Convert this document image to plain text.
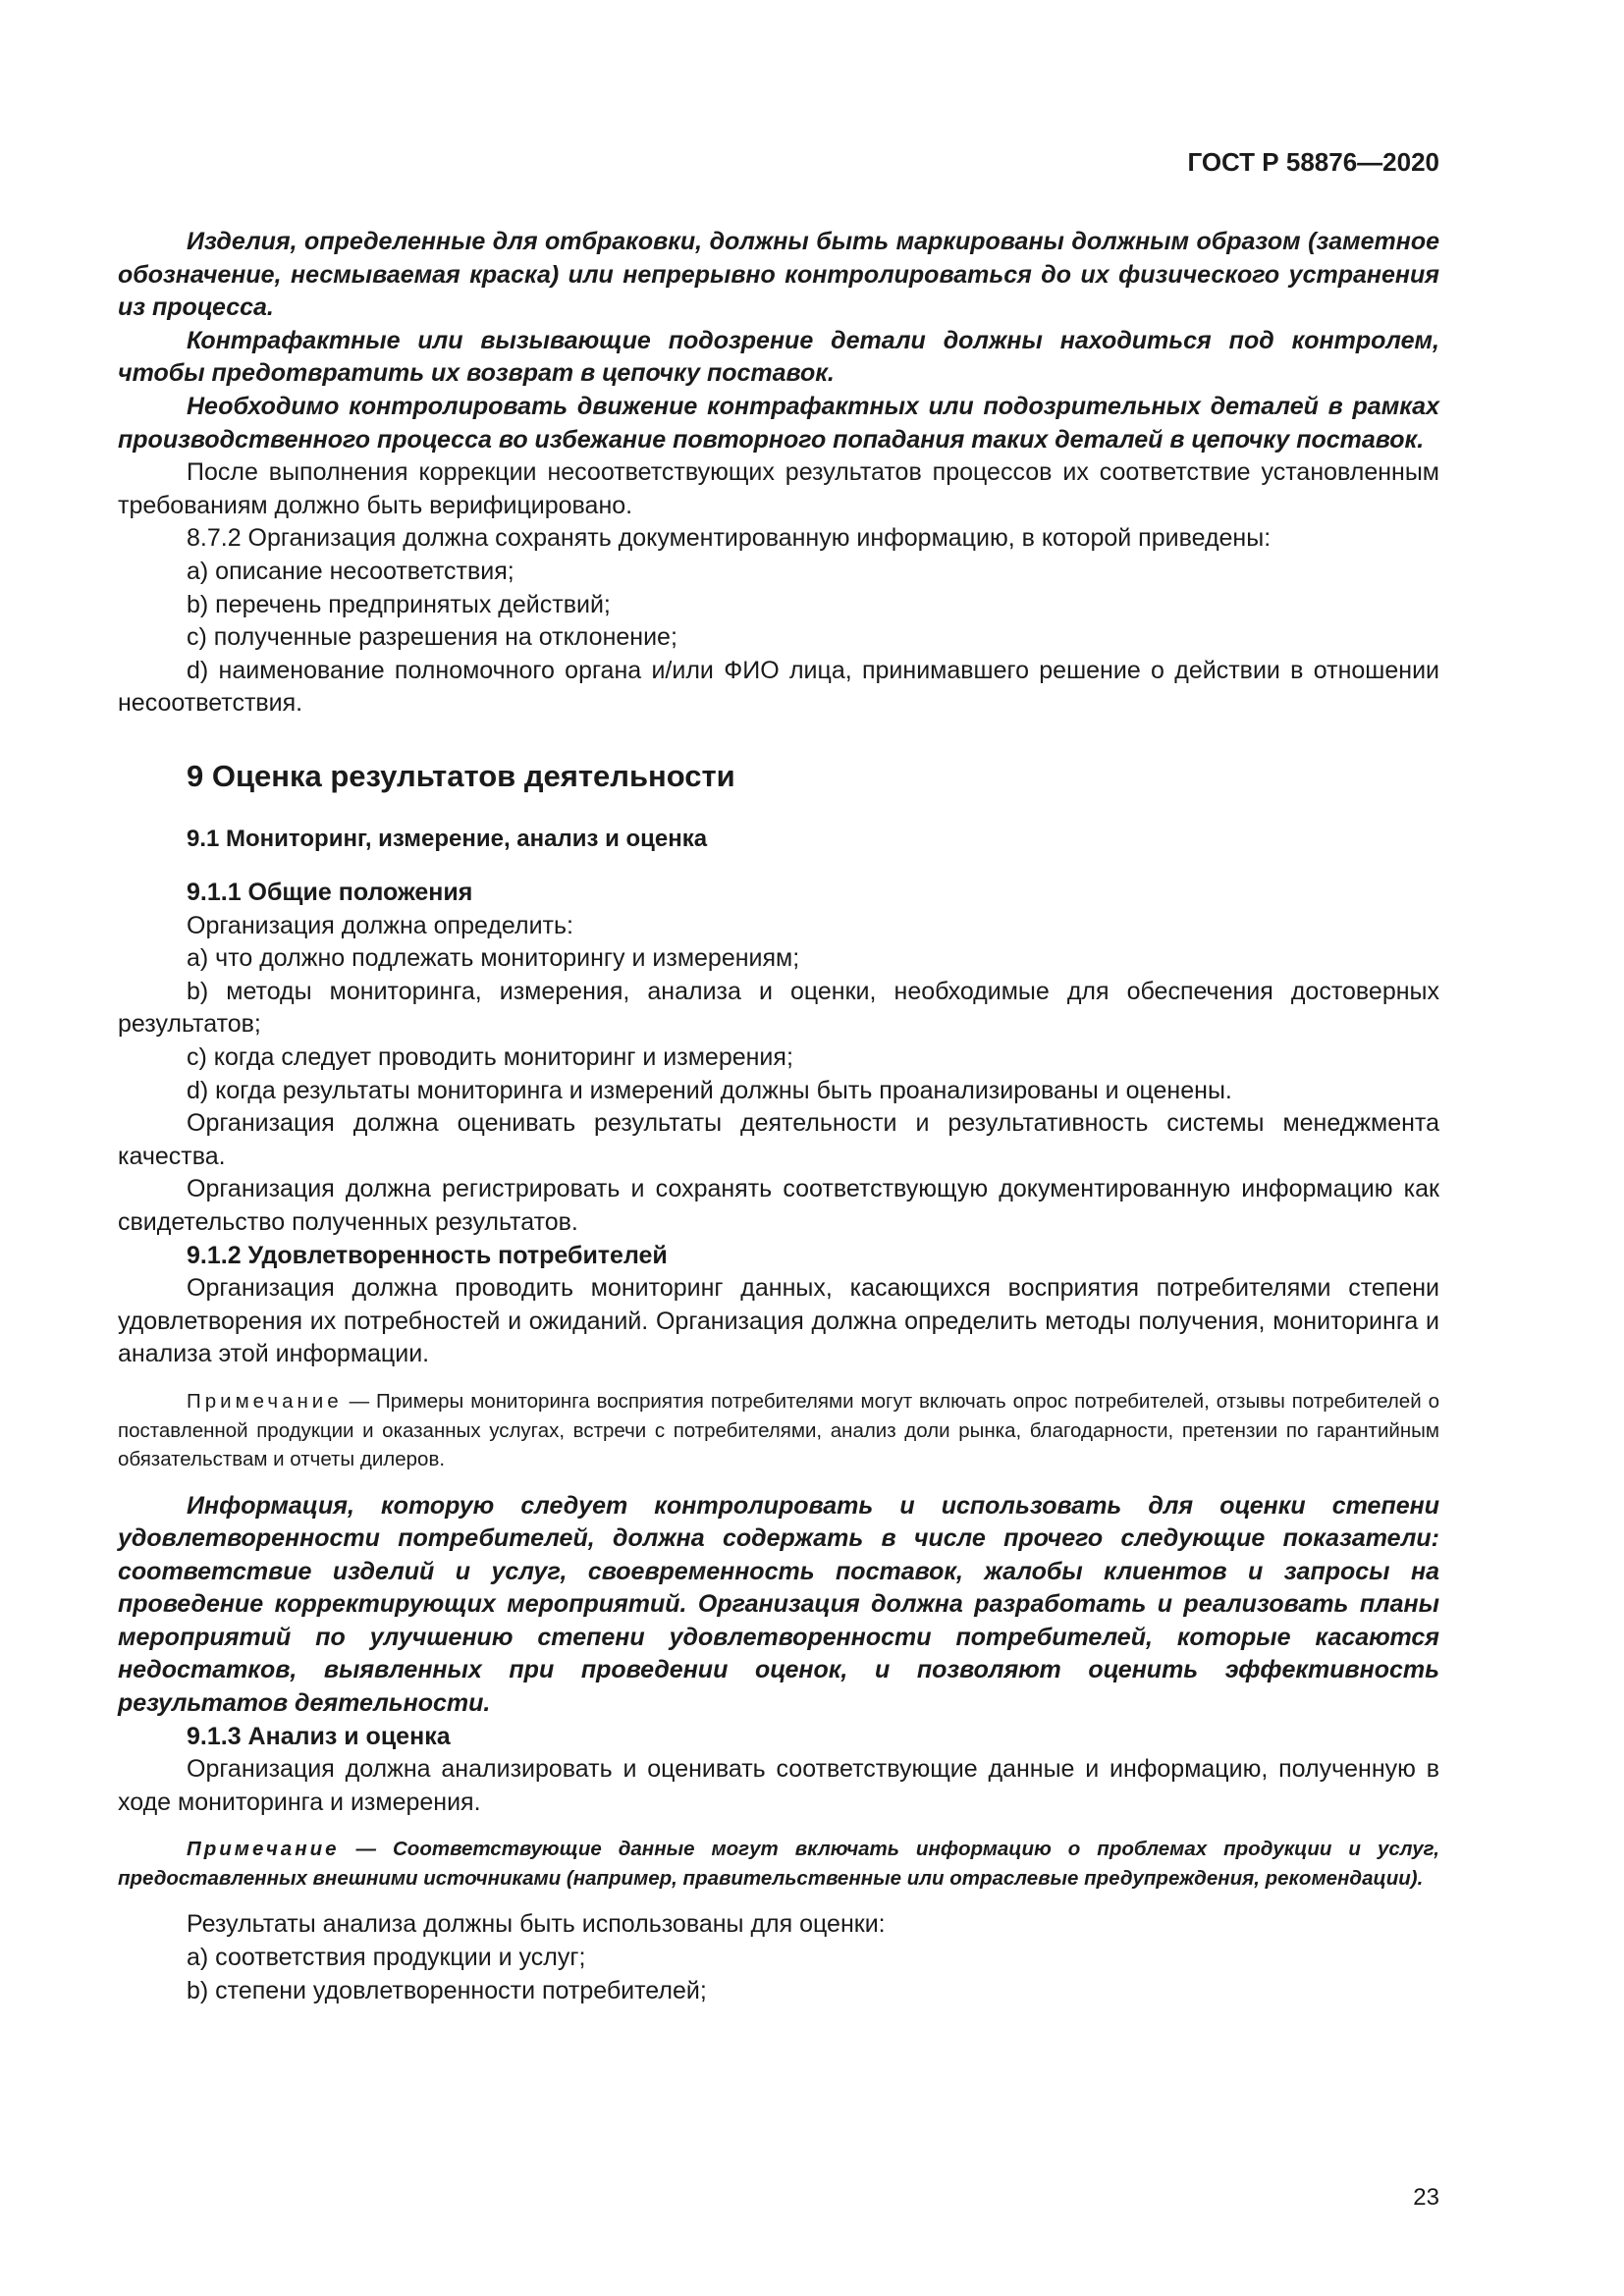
ГОСТ Р 58876—2020

Изделия, определенные для отбраковки, должны быть маркированы должным образом (заметное обозначение, несмываемая краска) или непрерывно контролироваться до их физического устранения из процесса.

Контрафактные или вызывающие подозрение детали должны находиться под контролем, чтобы предотвратить их возврат в цепочку поставок.

Необходимо контролировать движение контрафактных или подозрительных деталей в рамках производственного процесса во избежание повторного попадания таких деталей в цепочку поставок.

После выполнения коррекции несоответствующих результатов процессов их соответствие установленным требованиям должно быть верифицировано.

8.7.2 Организация должна сохранять документированную информацию, в которой приведены:

a) описание несоответствия;

b) перечень предпринятых действий;

c) полученные разрешения на отклонение;

d) наименование полномочного органа и/или ФИО лица, принимавшего решение о действии в отношении несоответствия.

9 Оценка результатов деятельности
9.1 Мониторинг, измерение, анализ и оценка
9.1.1 Общие положения

Организация должна определить:

a) что должно подлежать мониторингу и измерениям;

b) методы мониторинга, измерения, анализа и оценки, необходимые для обеспечения достоверных результатов;

c) когда следует проводить мониторинг и измерения;

d) когда результаты мониторинга и измерений должны быть проанализированы и оценены.

Организация должна оценивать результаты деятельности и результативность системы менеджмента качества.

Организация должна регистрировать и сохранять соответствующую документированную информацию как свидетельство полученных результатов.

9.1.2 Удовлетворенность потребителей

Организация должна проводить мониторинг данных, касающихся восприятия потребителями степени удовлетворения их потребностей и ожиданий. Организация должна определить методы получения, мониторинга и анализа этой информации.

Примечание — Примеры мониторинга восприятия потребителями могут включать опрос потребителей, отзывы потребителей о поставленной продукции и оказанных услугах, встречи с потребителями, анализ доли рынка, благодарности, претензии по гарантийным обязательствам и отчеты дилеров.

Информация, которую следует контролировать и использовать для оценки степени удовлетворенности потребителей, должна содержать в числе прочего следующие показатели: соответствие изделий и услуг, своевременность поставок, жалобы клиентов и запросы на проведение корректирующих мероприятий. Организация должна разработать и реализовать планы мероприятий по улучшению степени удовлетворенности потребителей, которые касаются недостатков, выявленных при проведении оценок, и позволяют оценить эффективность результатов деятельности.

9.1.3 Анализ и оценка

Организация должна анализировать и оценивать соответствующие данные и информацию, полученную в ходе мониторинга и измерения.

Примечание — Соответствующие данные могут включать информацию о проблемах продукции и услуг, предоставленных внешними источниками (например, правительственные или отраслевые предупреждения, рекомендации).

Результаты анализа должны быть использованы для оценки:

a) соответствия продукции и услуг;

b) степени удовлетворенности потребителей;

23
